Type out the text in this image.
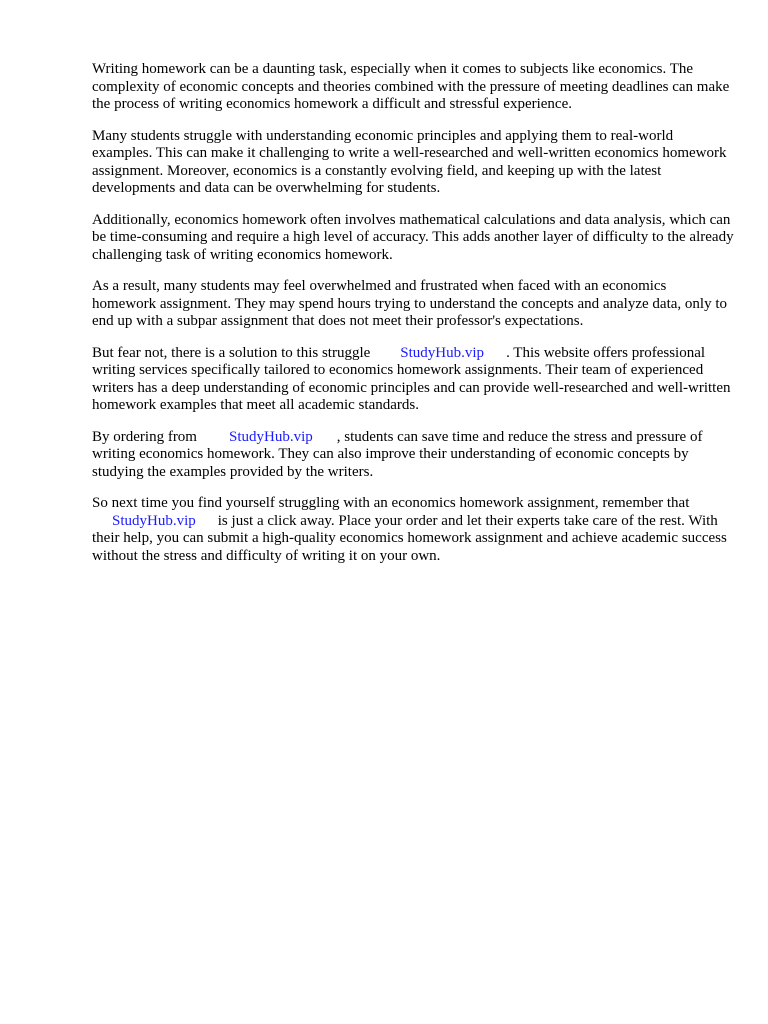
Writing homework can be a daunting task, especially when it comes to subjects like economics. The complexity of economic concepts and theories combined with the pressure of meeting deadlines can make the process of writing economics homework a difficult and stressful experience.

Many students struggle with understanding economic principles and applying them to real-world examples. This can make it challenging to write a well-researched and well-written economics homework assignment. Moreover, economics is a constantly evolving field, and keeping up with the latest developments and data can be overwhelming for students.

Additionally, economics homework often involves mathematical calculations and data analysis, which can be time-consuming and require a high level of accuracy. This adds another layer of difficulty to the already challenging task of writing economics homework.

As a result, many students may feel overwhelmed and frustrated when faced with an economics homework assignment. They may spend hours trying to understand the concepts and analyze data, only to end up with a subpar assignment that does not meet their professor's expectations.

But fear not, there is a solution to this struggle StudyHub.vip . This website offers professional writing services specifically tailored to economics homework assignments. Their team of experienced writers has a deep understanding of economic principles and can provide well-researched and well-written homework examples that meet all academic standards.

By ordering from StudyHub.vip , students can save time and reduce the stress and pressure of writing economics homework. They can also improve their understanding of economic concepts by studying the examples provided by the writers.

So next time you find yourself struggling with an economics homework assignment, remember that
StudyHub.vip is just a click away. Place your order and let their experts take care of the rest. With their help, you can submit a high-quality economics homework assignment and achieve academic success without the stress and difficulty of writing it on your own.
